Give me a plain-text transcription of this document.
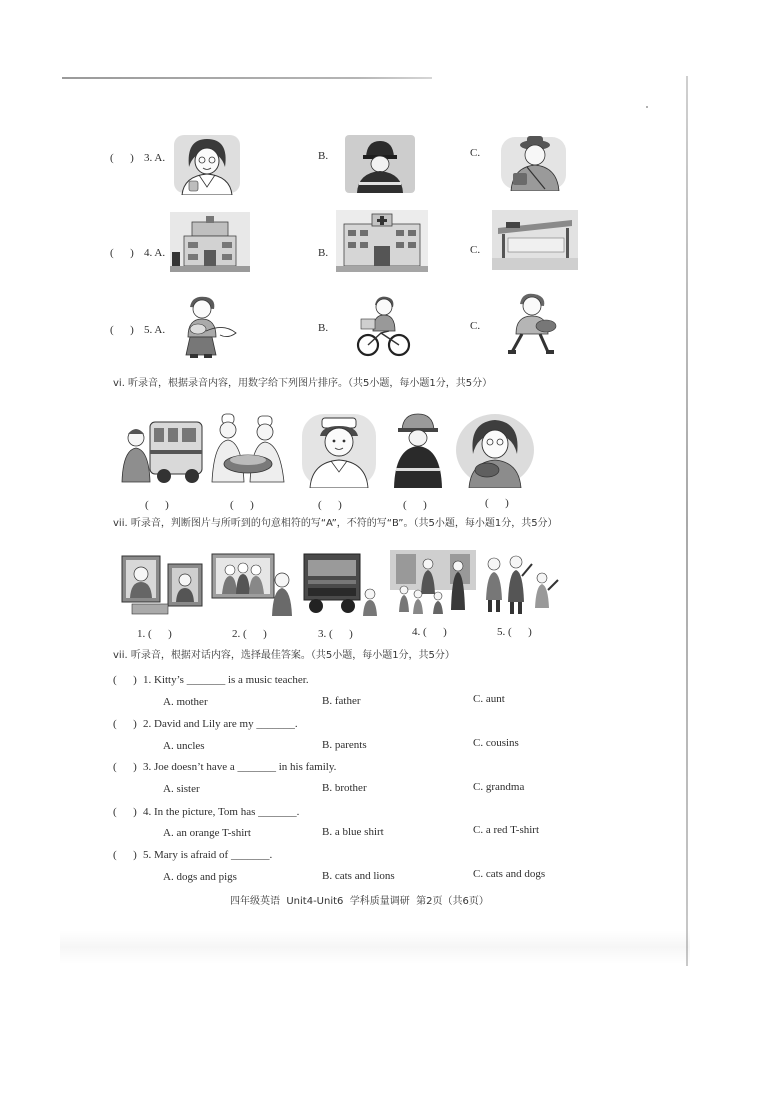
(      ) 3. A.	B.	C.
(      ) 4. A.	B.	C.
(      ) 5. A.	B.	C.
vi. 听录音，根据录音内容，用数字给下列图片排序。（共5小题，每小题1分，共5分）
(      )	(      )	(      )	(      )	(      )
vii. 听录音，判断图片与所听到的句意相符的写“A”，不符的写“B”。（共5小题，每小题1分，共5分）
1. (      )	2. (      )	3. (      )	4. (      )	5. (      )
vii. 听录音，根据对话内容，选择最佳答案。（共5小题，每小题1分，共5分）
(      ) 1. Kitty’s _______ is a music teacher.
A. mother	B. father	C. aunt
(      ) 2. David and Lily are my _______.
A. uncles	B. parents	C. cousins
(      ) 3. Joe doesn’t have a _______ in his family.
A. sister	B. brother	C. grandma
(      ) 4. In the picture, Tom has _______.
A. an orange T-shirt	B. a blue shirt	C. a red T-shirt
(      ) 5. Mary is afraid of _______.
A. dogs and pigs	B. cats and lions	C. cats and dogs
四年级英语  Unit4-Unit6  学科质量调研  第2页（共6页）
